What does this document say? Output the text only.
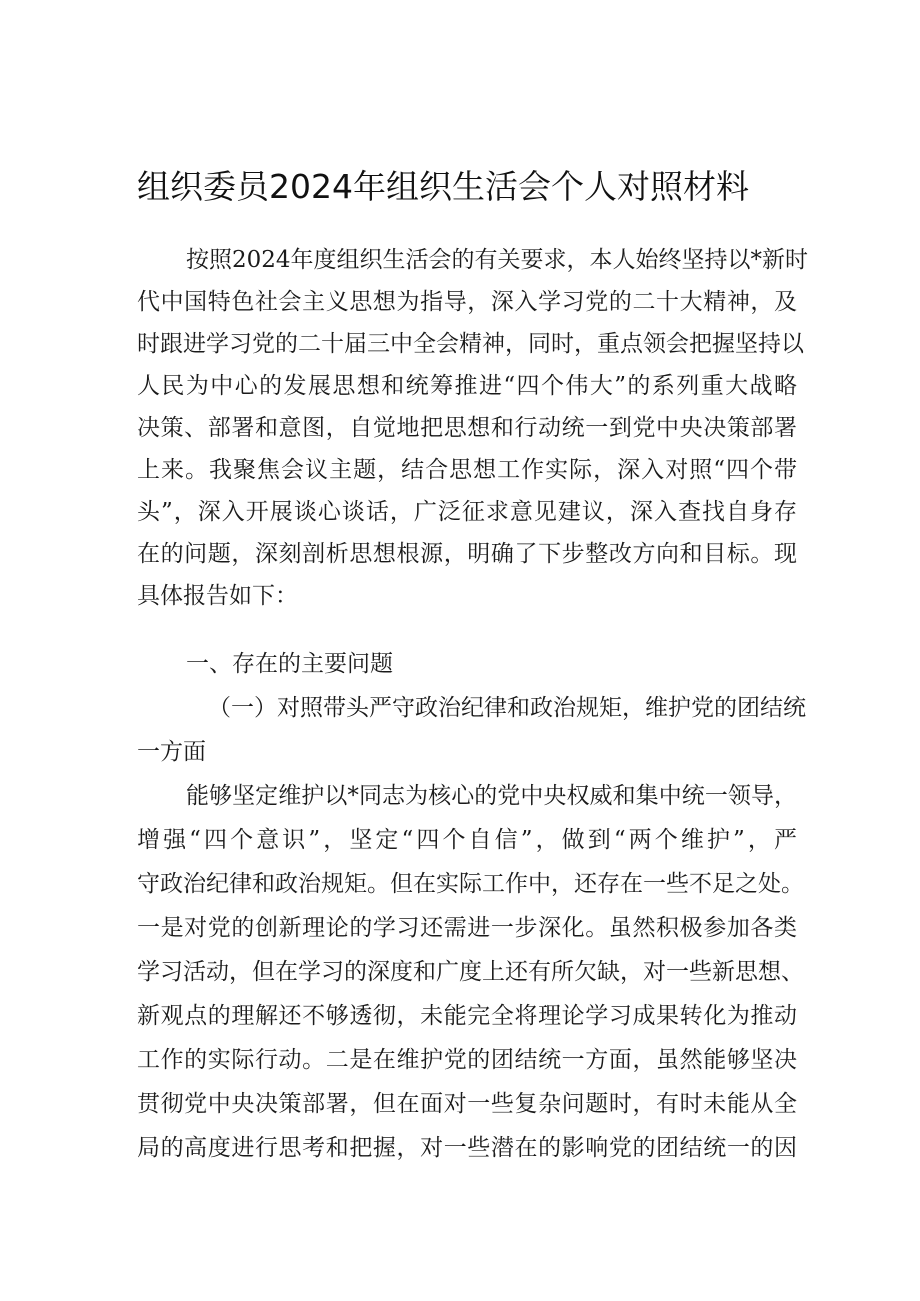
组织委员2024年组织生活会个人对照材料
按照2024年度组织生活会的有关要求，本人始终坚持以*新时
代中国特色社会主义思想为指导，深入学习党的二十大精神，及
时跟进学习党的二十届三中全会精神，同时，重点领会把握坚持以
人民为中心的发展思想和统筹推进“四个伟大”的系列重大战略
决策、部署和意图，自觉地把思想和行动统一到党中央决策部署
上来。我聚焦会议主题，结合思想工作实际，深入对照“四个带
头”，深入开展谈心谈话，广泛征求意见建议，深入查找自身存
在的问题，深刻剖析思想根源，明确了下步整改方向和目标。现
具体报告如下：
一、存在的主要问题
（一）对照带头严守政治纪律和政治规矩，维护党的团结统
一方面
能够坚定维护以*同志为核心的党中央权威和集中统一领导，
增强“四个意识”，坚定“四个自信”，做到“两个维护”，严
守政治纪律和政治规矩。但在实际工作中，还存在一些不足之处。
一是对党的创新理论的学习还需进一步深化。虽然积极参加各类
学习活动，但在学习的深度和广度上还有所欠缺，对一些新思想、
新观点的理解还不够透彻，未能完全将理论学习成果转化为推动
工作的实际行动。二是在维护党的团结统一方面，虽然能够坚决
贯彻党中央决策部署，但在面对一些复杂问题时，有时未能从全
局的高度进行思考和把握，对一些潜在的影响党的团结统一的因
